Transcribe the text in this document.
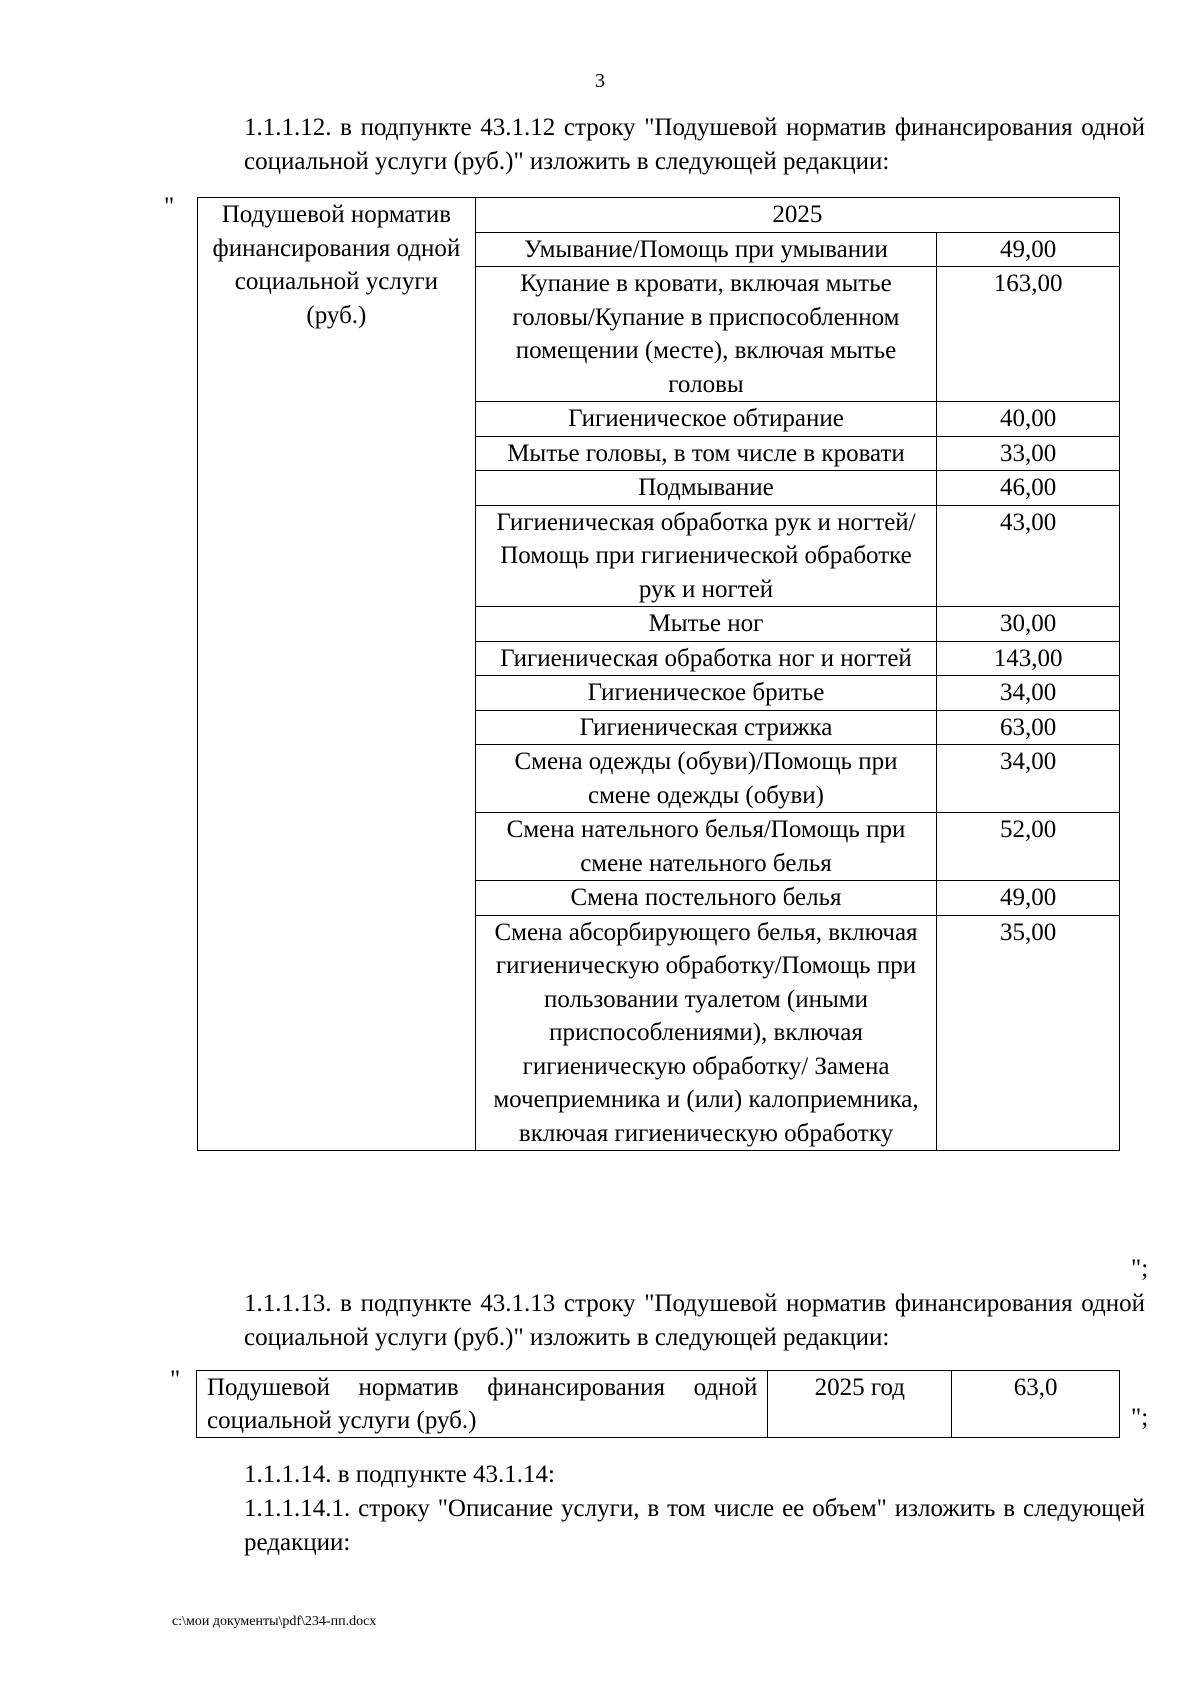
3
1.1.1.12. в подпункте 43.1.12 строку "Подушевой норматив финансирования одной социальной услуги (руб.)" изложить в следующей редакции:
" Подушевой норматив финансирования одной социальной услуги (руб.)	2025	
	Умывание/Помощь при умывании	49,00
	Купание в кровати, включая мытье головы/Купание в приспособленном помещении (месте), включая мытье головы	163,00
	Гигиеническое обтирание	40,00
	Мытье головы, в том числе в кровати	33,00
	Подмывание	46,00
	Гигиеническая обработка рук и ногтей/Помощь при гигиенической обработке рук и ногтей	43,00
	Мытье ног	30,00
	Гигиеническая обработка ног и ногтей	143,00
	Гигиеническое бритье	34,00
	Гигиеническая стрижка	63,00
	Смена одежды (обуви)/Помощь при смене одежды (обуви)	34,00
	Смена нательного белья/Помощь при смене нательного белья	52,00
	Смена постельного белья	49,00
	Смена абсорбирующего белья, включая гигиеническую обработку/Помощь при пользовании туалетом (иными приспособлениями), включая гигиеническую обработку/ Замена мочеприемника и (или) калоприемника, включая гигиеническую обработку	35,00
";
1.1.1.13. в подпункте 43.1.13 строку "Подушевой норматив финансирования одной социальной услуги (руб.)" изложить в следующей редакции:
" Подушевой норматив финансирования одной социальной услуги (руб.)	2025 год	63,0
";
1.1.1.14. в подпункте 43.1.14:
1.1.1.14.1. строку "Описание услуги, в том числе ее объем" изложить в следующей редакции:
c:\мои документы\pdf\234-пп.docx
